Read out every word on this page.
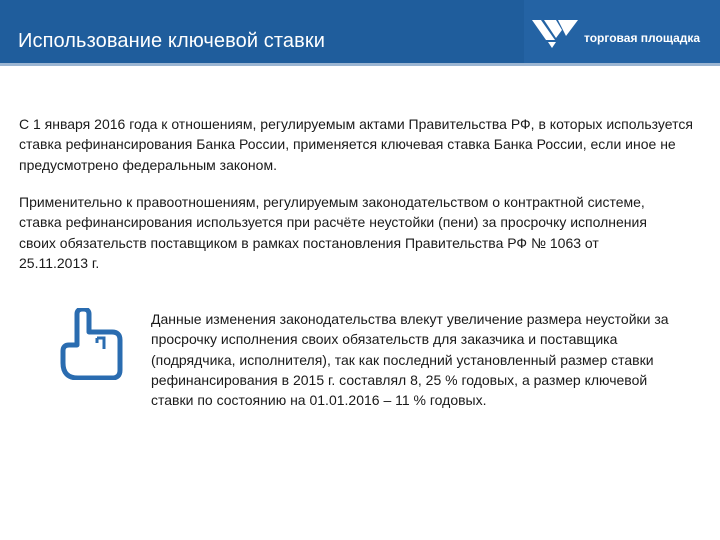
Использование ключевой ставки	торговая площадка

С 1 января 2016 года к отношениям, регулируемым актами Правительства РФ, в которых используется ставка рефинансирования Банка России, применяется ключевая ставка Банка России, если иное не предусмотрено федеральным законом.

Применительно к правоотношениям, регулируемым законодательством о контрактной системе, ставка рефинансирования используется при расчёте неустойки (пени) за просрочку исполнения своих обязательств поставщиком в рамках постановления Правительства РФ № 1063 от 25.11.2013 г.

Данные изменения законодательства влекут увеличение размера неустойки за просрочку исполнения своих обязательств для заказчика и поставщика (подрядчика, исполнителя), так как последний установленный размер ставки рефинансирования в 2015 г. составлял 8, 25 % годовых, а размер ключевой ставки по состоянию на 01.01.2016 – 11 % годовых.
